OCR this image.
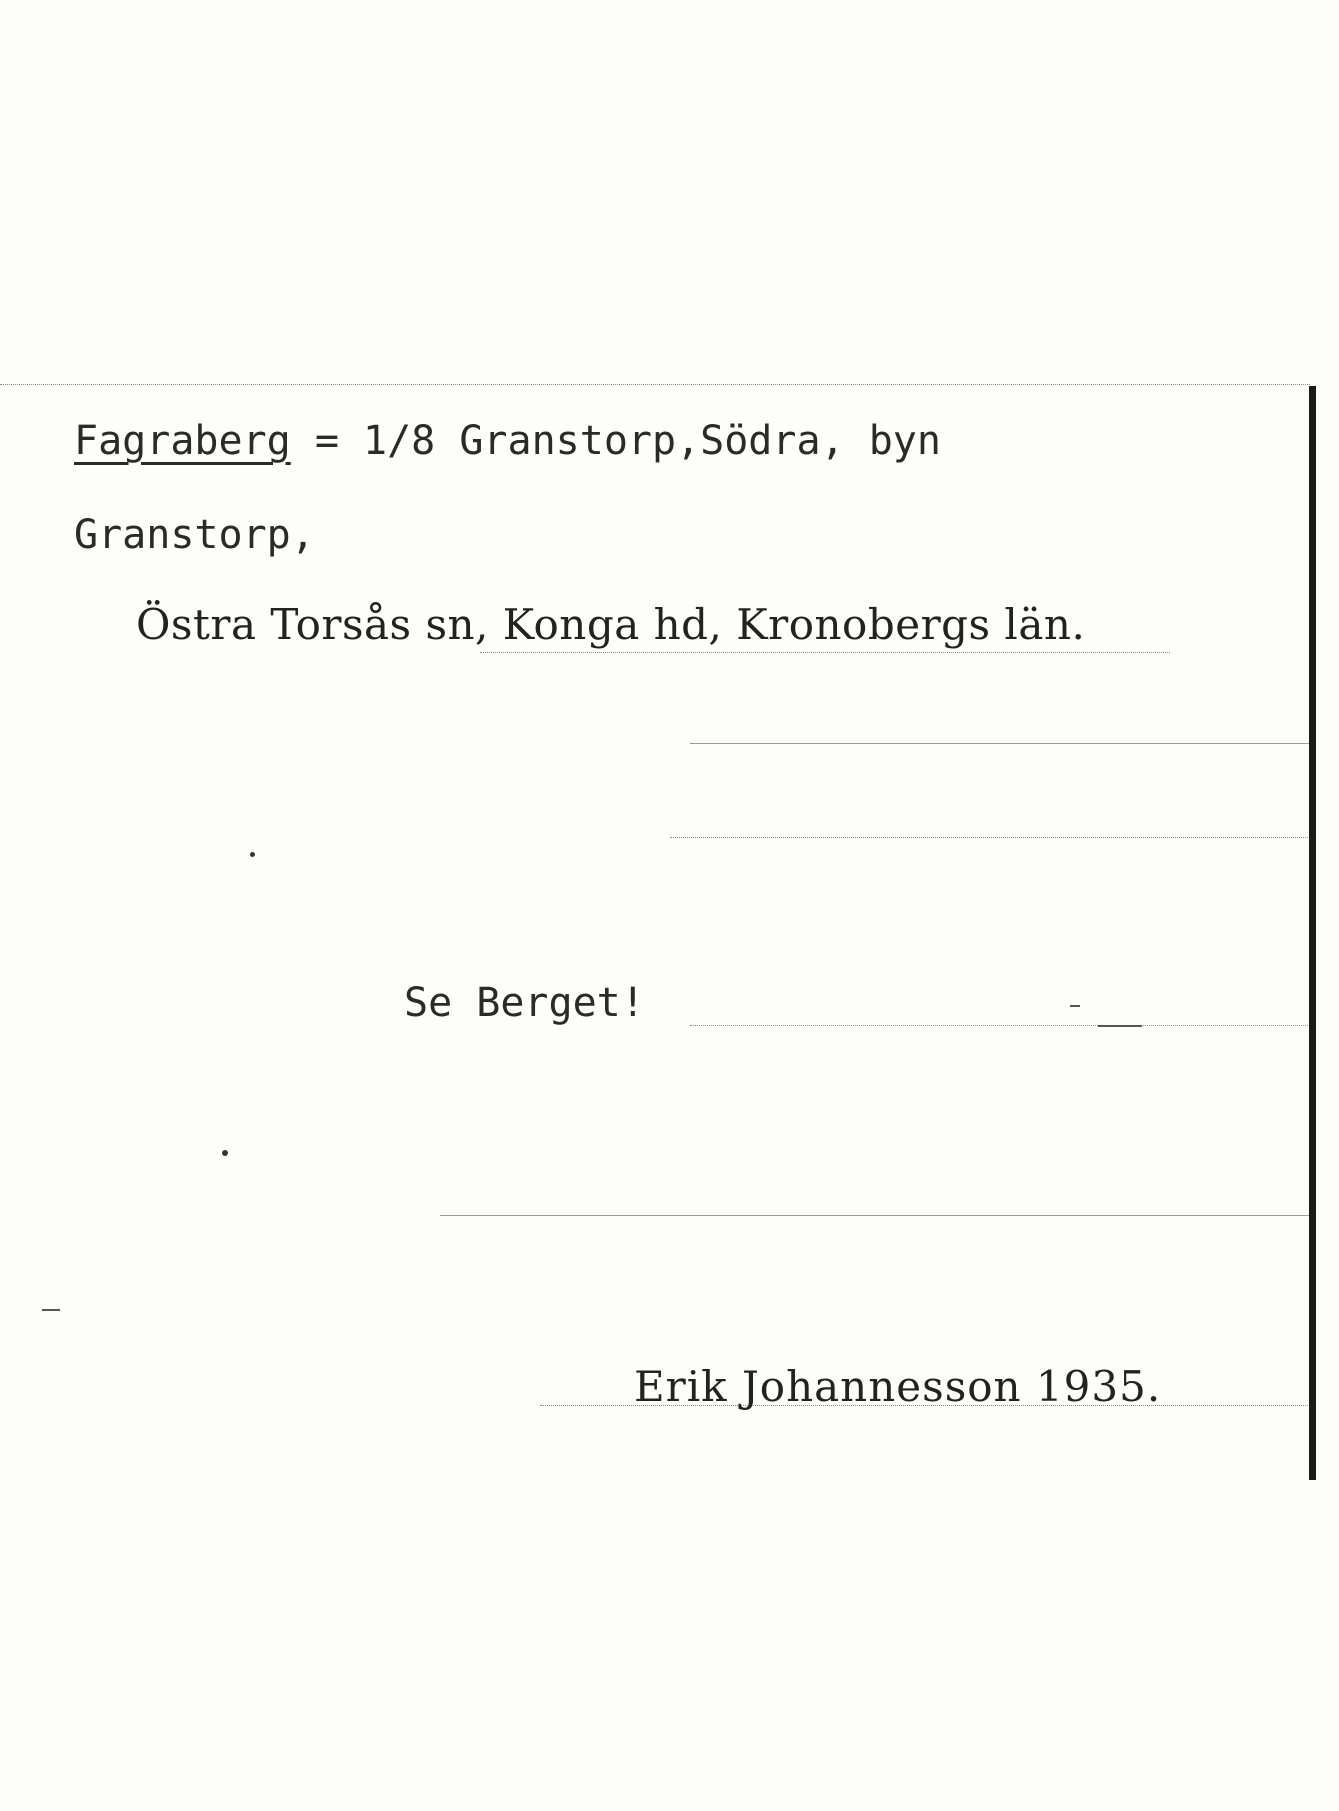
Fagraberg = 1/8 Granstorp,Södra, byn
Granstorp,
Östra Torsås sn, Konga hd, Kronobergs län.
Se Berget!
Erik Johannesson 1935.
